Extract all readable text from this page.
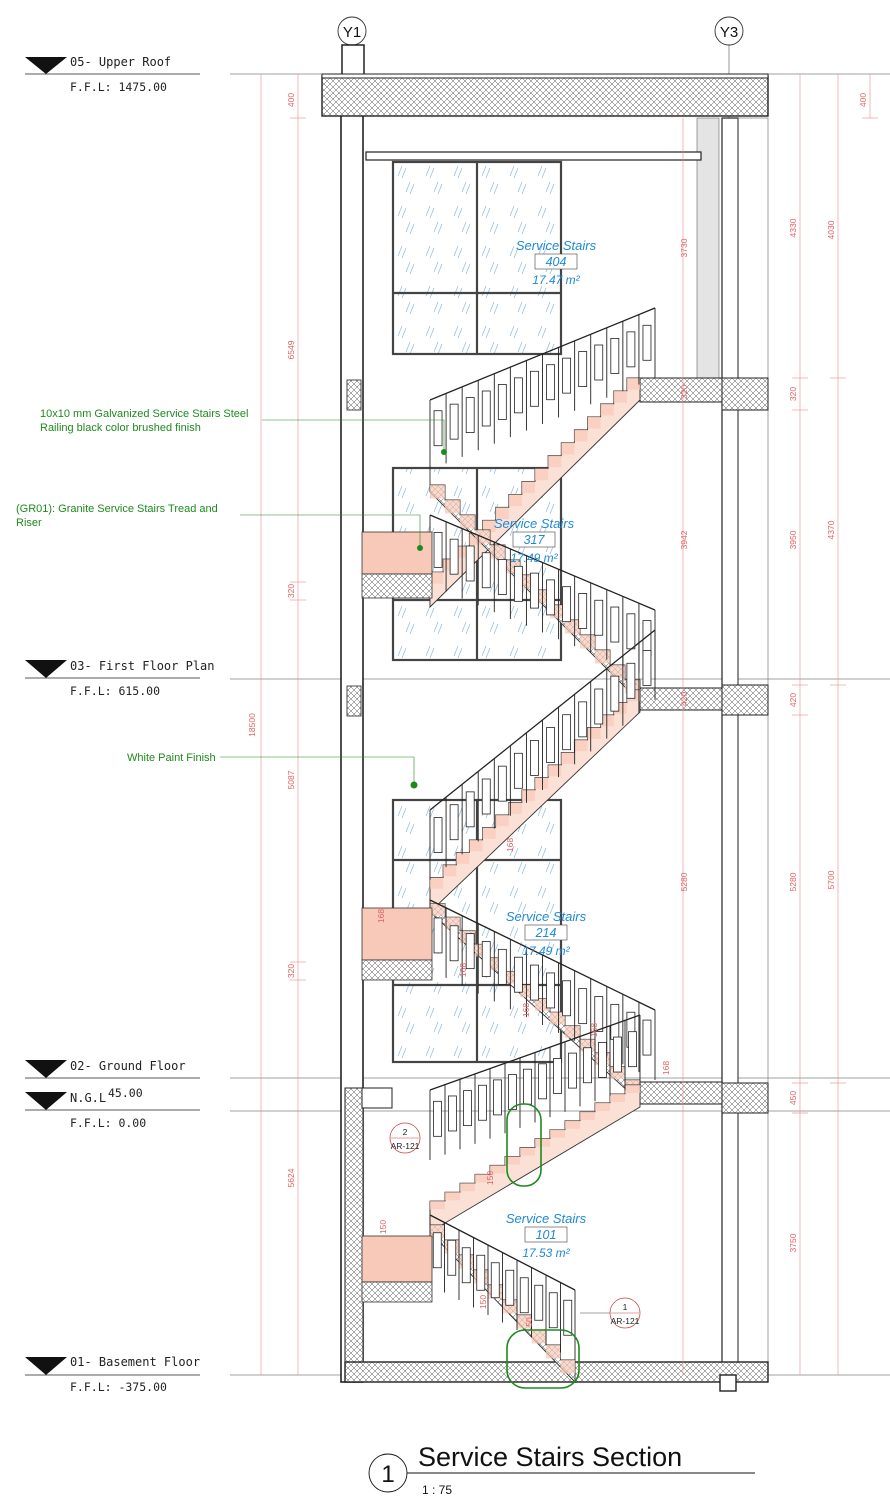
Y1	Y3
05- Upper Roof
F.F.L: 1475.00
03- First Floor Plan
F.F.L: 615.00
02- Ground Floor
N.G.L 45.00
F.F.L: 0.00
01- Basement Floor
F.F.L: -375.00
18500
400
6549
320
5087
320
5624
3730
320
3942
420
5280
4330
320
3950
420
5280
450
3750
4030
4370
5700
400
168
168
168
168
168
168
150
150
150
50
Service Stairs
404
17.47 m²
Service Stairs
317
17.49 m²
Service Stairs
214
17.49 m²
Service Stairs
101
17.53 m²
10x10 mm Galvanized Service Stairs Steel
Railing black color brushed finish
(GR01): Granite Service Stairs Tread and
Riser
White Paint Finish
2
AR-121
1
AR-121
1
Service Stairs Section
1 : 75
